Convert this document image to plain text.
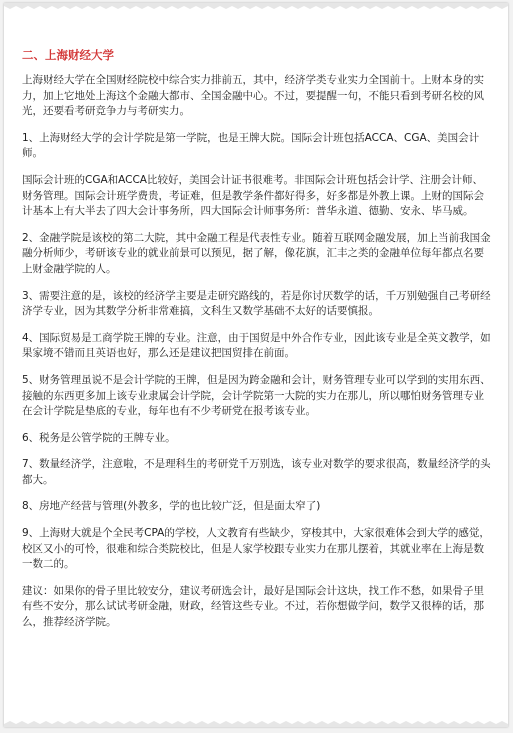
二、上海财经大学

上海财经大学在全国财经院校中综合实力排前五，其中，经济学类专业实力全国前十。上财本身的实力，加上它地处上海这个金融大都市、全国金融中心。不过，要提醒一句，不能只看到考研名校的风光，还要看考研竞争力与考研实力。

1、上海财经大学的会计学院是第一学院，也是王牌大院。国际会计班包括ACCA、CGA、美国会计师。

国际会计班的CGA和ACCA比较好，美国会计证书很难考。非国际会计班包括会计学、注册会计师、财务管理。国际会计班学费贵，考证难，但是教学条件都好得多，好多都是外教上课。上财的国际会计基本上有大半去了四大会计事务所，四大国际会计师事务所：普华永道、德勤、安永、毕马威。

2、金融学院是该校的第二大院，其中金融工程是代表性专业。随着互联网金融发展，加上当前我国金融分析师少，考研该专业的就业前景可以预见，据了解，像花旗，汇丰之类的金融单位每年都点名要上财金融学院的人。

3、需要注意的是，该校的经济学主要是走研究路线的，若是你讨厌数学的话，千万别勉强自己考研经济学专业，因为其数学分析非常难搞，文科生又数学基础不太好的话要慎报。

4、国际贸易是工商学院王牌的专业。注意，由于国贸是中外合作专业，因此该专业是全英文教学，如果家境不错而且英语也好，那么还是建议把国贸排在前面。

5、财务管理虽说不是会计学院的王牌，但是因为跨金融和会计，财务管理专业可以学到的实用东西、接触的东西更多加上该专业隶属会计学院，会计学院第一大院的实力在那儿，所以哪怕财务管理专业在会计学院是垫底的专业，每年也有不少考研党在报考该专业。

6、税务是公管学院的王牌专业。

7、数量经济学，注意啦，不是理科生的考研党千万别选，该专业对数学的要求很高，数量经济学的头都大。

8、房地产经营与管理(外教多，学的也比较广泛，但是面太窄了)

9、上海财大就是个全民考CPA的学校，人文教育有些缺少，穿梭其中，大家很难体会到大学的感觉，校区又小的可怜，很难和综合类院校比，但是人家学校跟专业实力在那儿摆着，其就业率在上海是数一数二的。

建议：如果你的骨子里比较安分，建议考研选会计，最好是国际会计这块，找工作不愁，如果骨子里有些不安分，那么试试考研金融，财政，经管这些专业。不过，若你想做学问，数学又很棒的话，那么，推荐经济学院。
